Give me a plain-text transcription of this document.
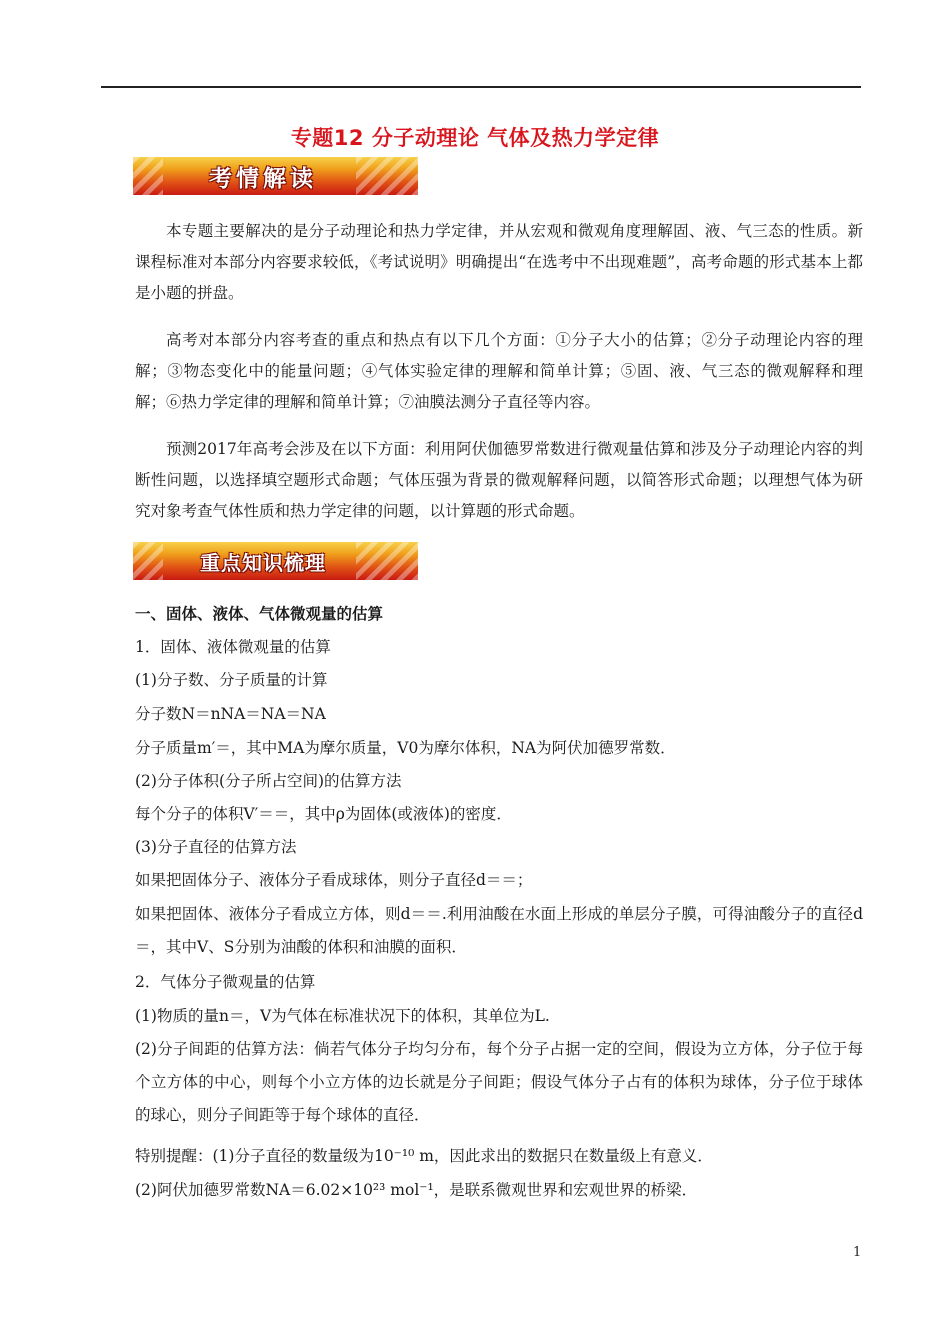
专题12 分子动理论 气体及热力学定律
考情解读
本专题主要解决的是分子动理论和热力学定律，并从宏观和微观角度理解固、液、气三态的性质。新课程标准对本部分内容要求较低，《考试说明》明确提出“在选考中不出现难题”，高考命题的形式基本上都是小题的拼盘。
高考对本部分内容考查的重点和热点有以下几个方面：①分子大小的估算；②分子动理论内容的理解；③物态变化中的能量问题；④气体实验定律的理解和简单计算；⑤固、液、气三态的微观解释和理解；⑥热力学定律的理解和简单计算；⑦油膜法测分子直径等内容。
预测2017年高考会涉及在以下方面：利用阿伏伽德罗常数进行微观量估算和涉及分子动理论内容的判断性问题，以选择填空题形式命题；气体压强为背景的微观解释问题，以简答形式命题；以理想气体为研究对象考查气体性质和热力学定律的问题，以计算题的形式命题。
重点知识梳理
一、固体、液体、气体微观量的估算
1．固体、液体微观量的估算
(1)分子数、分子质量的计算
分子数N＝nNA＝NA＝NA
分子质量m′＝，其中MA为摩尔质量，V0为摩尔体积，NA为阿伏加德罗常数．
(2)分子体积(分子所占空间)的估算方法
每个分子的体积V′＝＝，其中ρ为固体(或液体)的密度．
(3)分子直径的估算方法
如果把固体分子、液体分子看成球体，则分子直径d＝＝；
如果把固体、液体分子看成立方体，则d＝＝.利用油酸在水面上形成的单层分子膜，可得油酸分子的直径d＝，其中V、S分别为油酸的体积和油膜的面积．
2．气体分子微观量的估算
(1)物质的量n＝，V为气体在标准状况下的体积，其单位为L.
(2)分子间距的估算方法：倘若气体分子均匀分布，每个分子占据一定的空间，假设为立方体，分子位于每个立方体的中心，则每个小立方体的边长就是分子间距；假设气体分子占有的体积为球体，分子位于球体的球心，则分子间距等于每个球体的直径．
特别提醒：(1)分子直径的数量级为10⁻¹⁰ m，因此求出的数据只在数量级上有意义．
(2)阿伏加德罗常数NA＝6.02×10²³ mol⁻¹，是联系微观世界和宏观世界的桥梁．
1
